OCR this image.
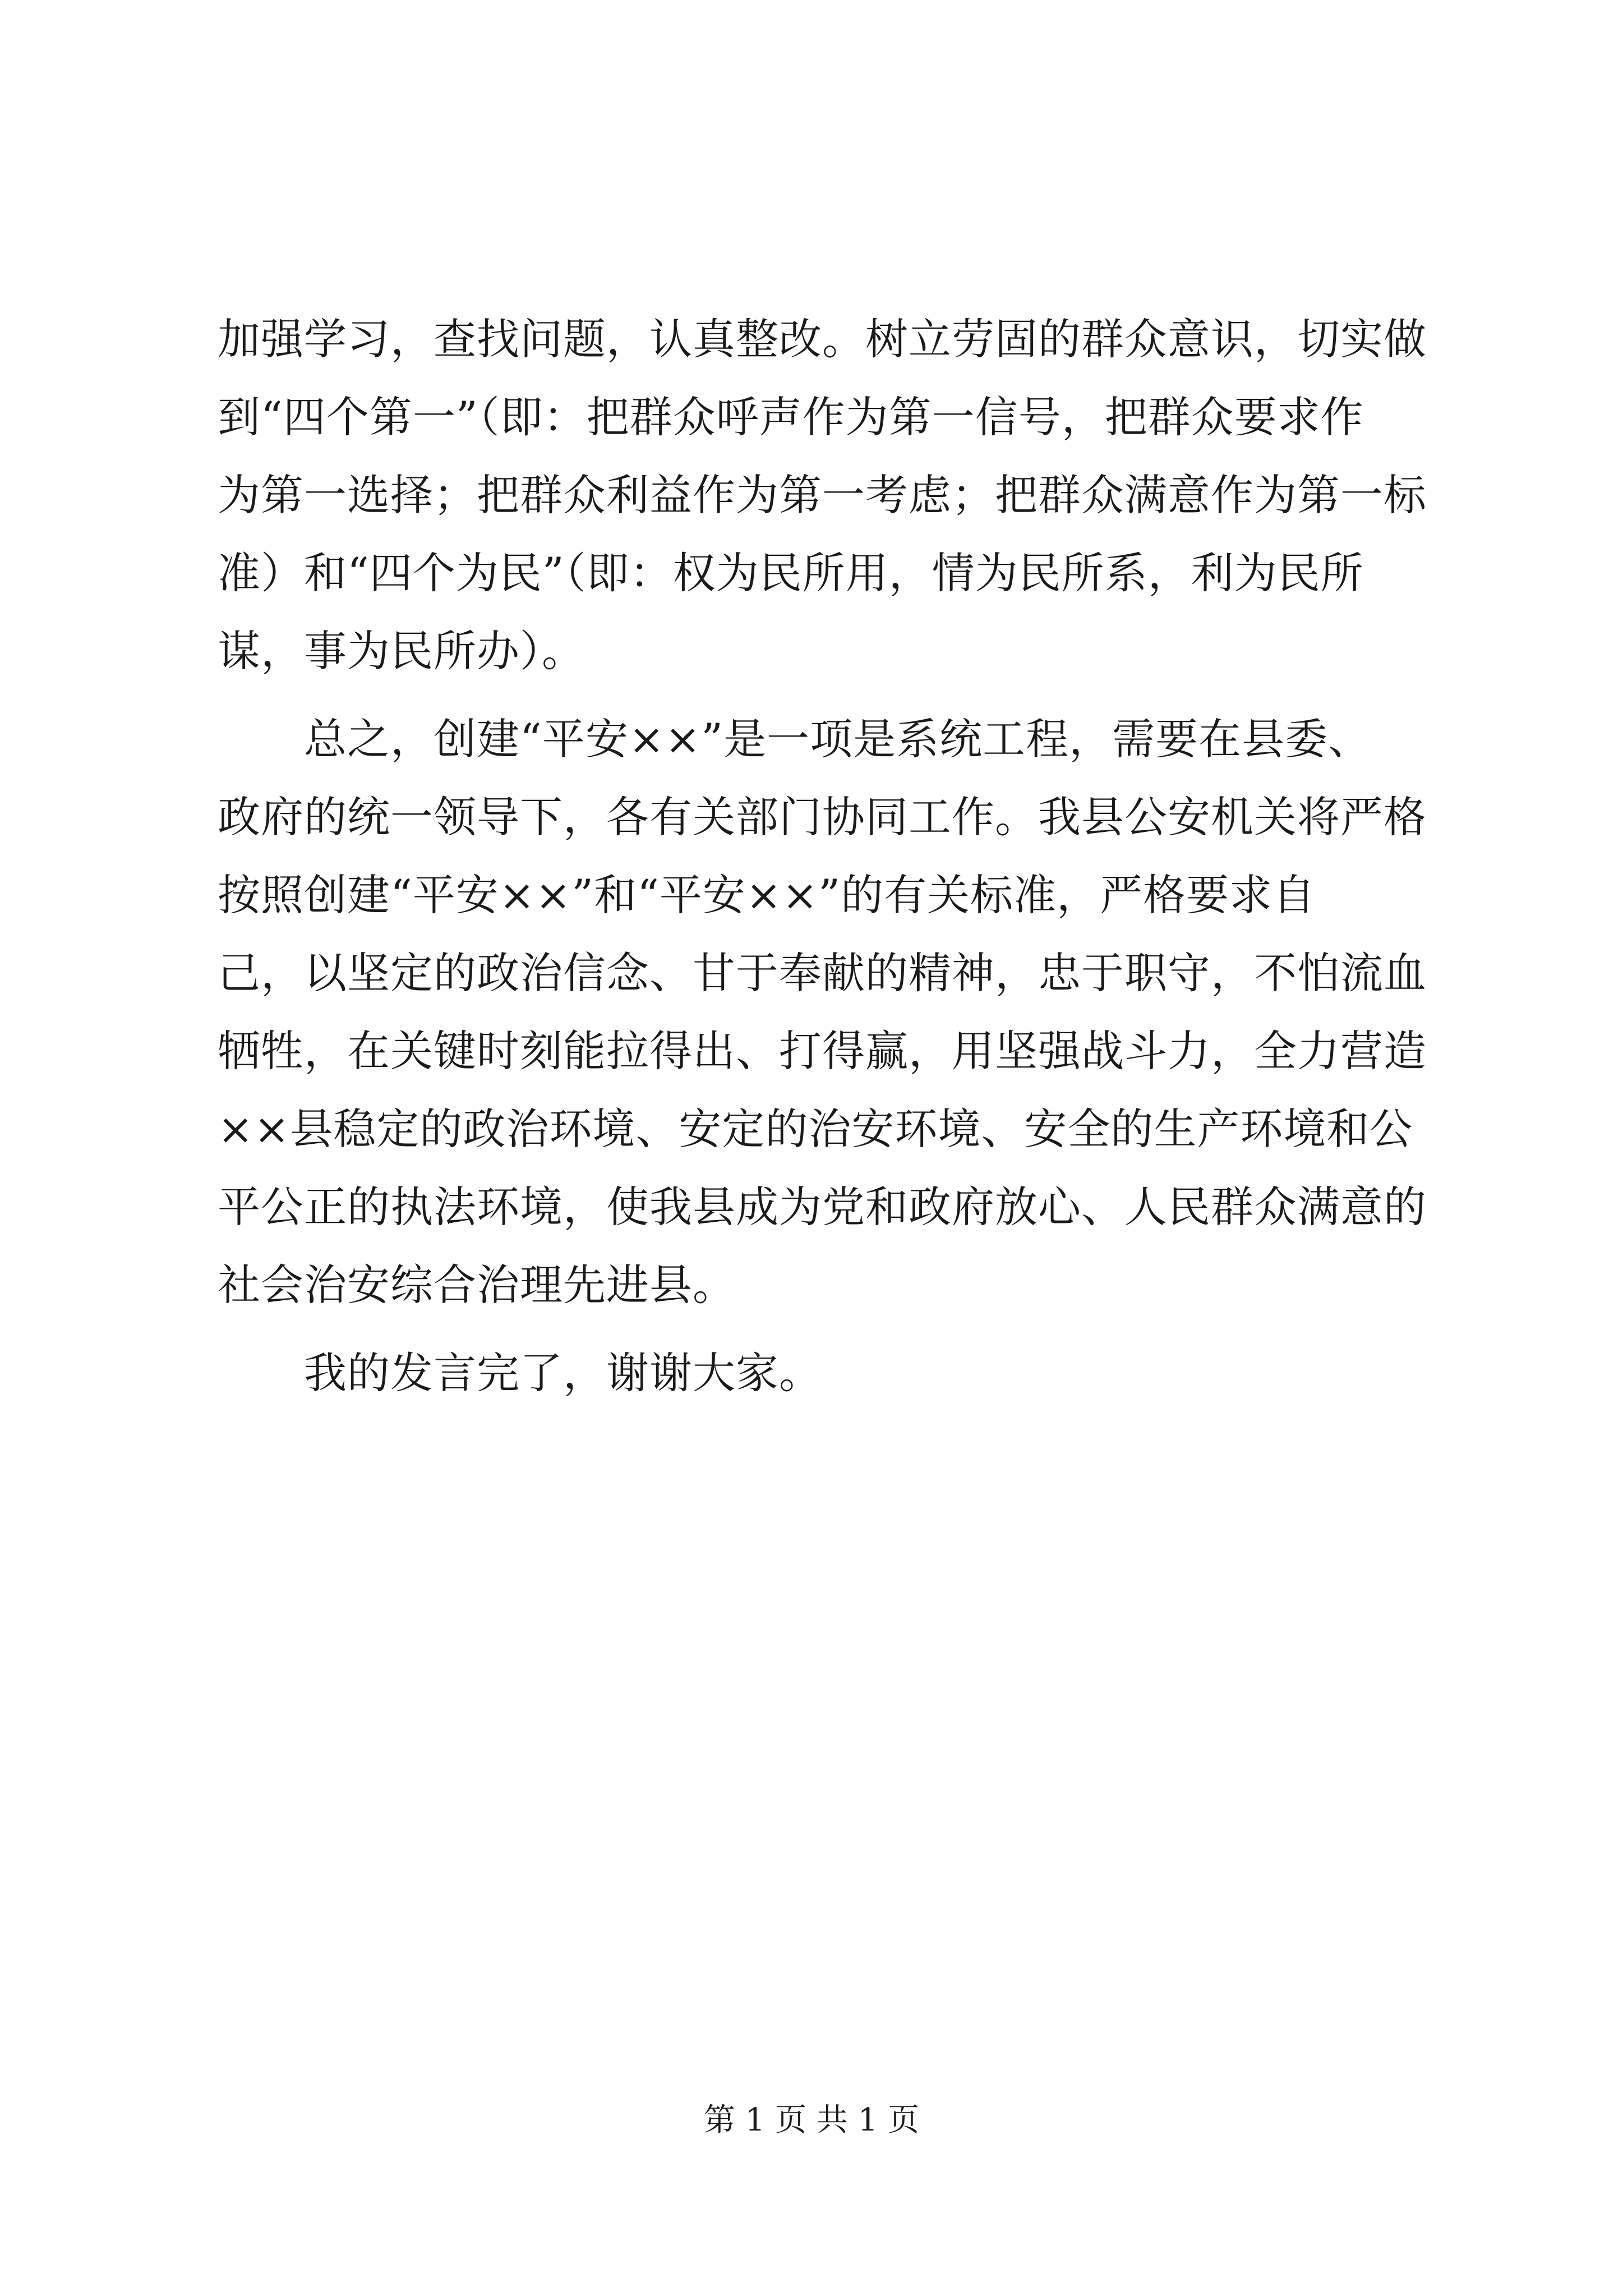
加强学习，查找问题，认真整改。树立劳固的群众意识，切实做
到“四个第一”（即：把群众呼声作为第一信号，把群众要求作
为第一选择；把群众利益作为第一考虑；把群众满意作为第一标
准）和“四个为民”（即：权为民所用，情为民所系，利为民所
谋，事为民所办）。
　　总之，创建“平安××”是一项是系统工程，需要在县委、
政府的统一领导下，各有关部门协同工作。我县公安机关将严格
按照创建“平安××”和“平安××”的有关标准，严格要求自
己，以坚定的政治信念、甘于奉献的精神，忠于职守，不怕流血
牺牲，在关键时刻能拉得出、打得赢，用坚强战斗力，全力营造
××县稳定的政治环境、安定的治安环境、安全的生产环境和公
平公正的执法环境，使我县成为党和政府放心、人民群众满意的
社会治安综合治理先进县。
　　我的发言完了，谢谢大家。
第 1 页 共 1 页
